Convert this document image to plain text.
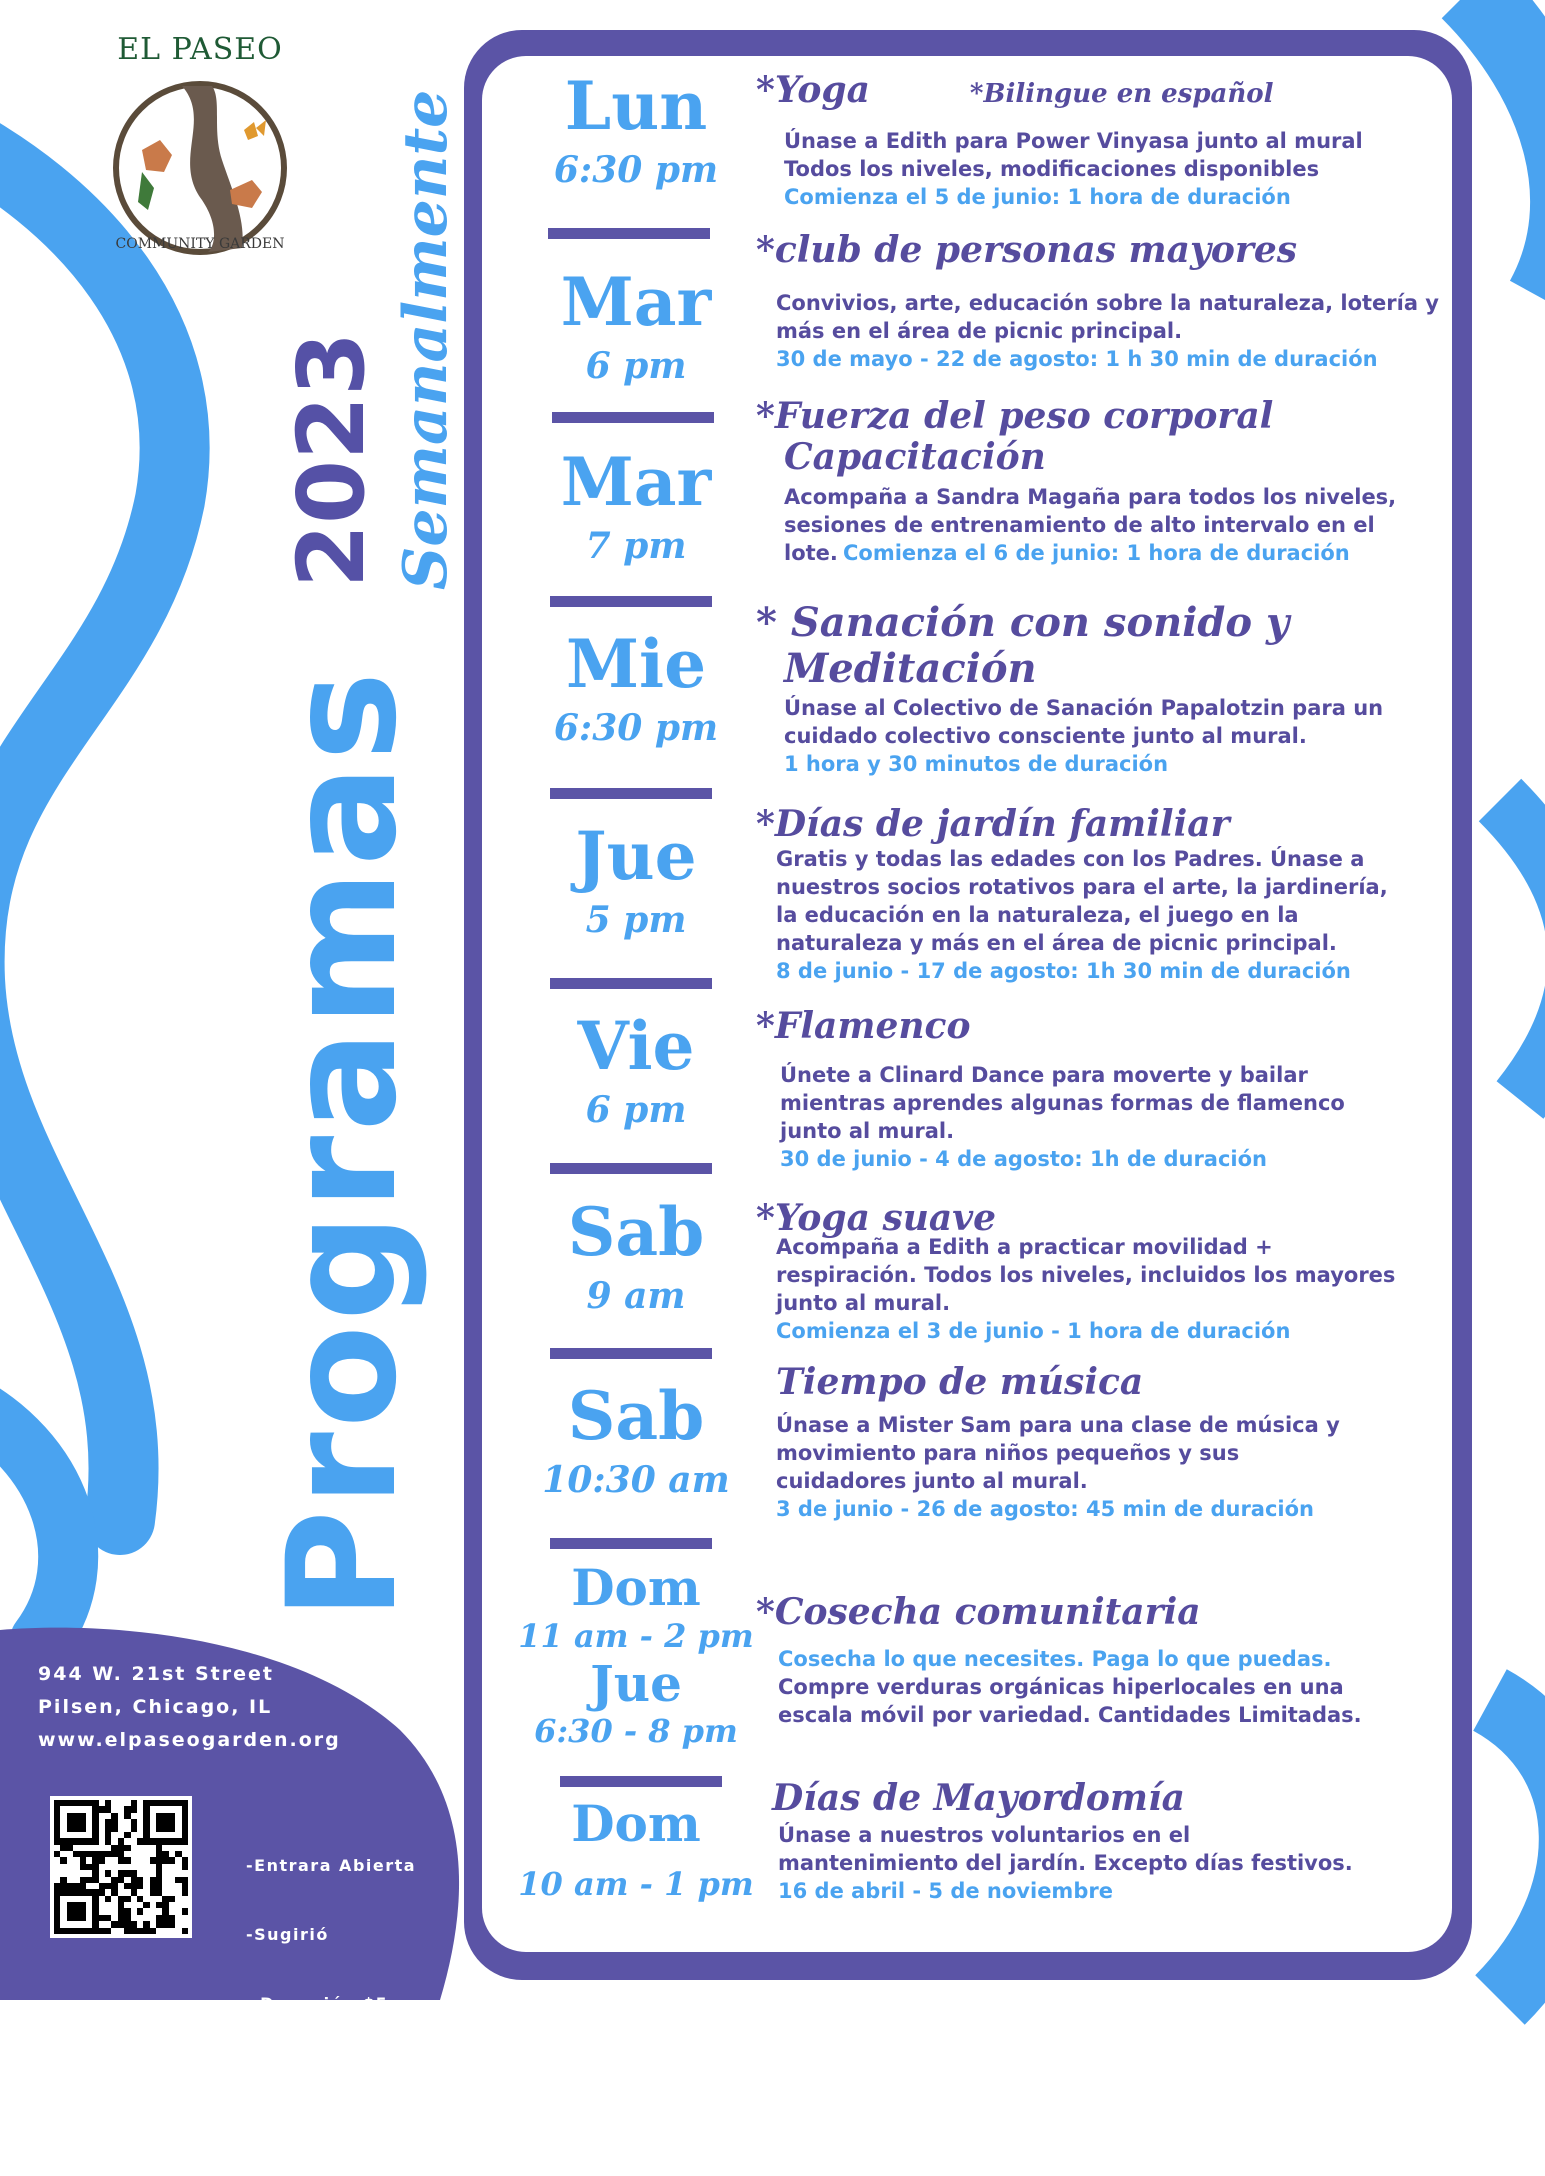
EL PASEO
COMMUNITY GARDEN
Programas
2023 Semanalmente
944 W. 21st Street
Pilsen, Chicago, IL
www.elpaseogarden.org

-Entrara Abierta

-Sugirió

Donación $5

-Clima

permisos

Lun
6:30 pm
Mar
6 pm
Mar
7 pm
Mie
6:30 pm
Jue
5 pm
Vie
6 pm
Sab
9 am
Sab
10:30 am
Dom
11 am - 2 pm
Jue
6:30 - 8 pm
Dom
10 am - 1 pm
*Yoga	*Bilingue en español
Únase a Edith para Power Vinyasa junto al mural
Todos los niveles, modificaciones disponibles
Comienza el 5 de junio: 1 hora de duración
*club de personas mayores
Convivios, arte, educación sobre la naturaleza, lotería y
más en el área de picnic principal.
30 de mayo - 22 de agosto: 1 h 30 min de duración
*Fuerza del peso corporal
Capacitación
Acompaña a Sandra Magaña para todos los niveles,
sesiones de entrenamiento de alto intervalo en el
lote. Comienza el 6 de junio: 1 hora de duración
* Sanación con sonido y
Meditación
Únase al Colectivo de Sanación Papalotzin para un
cuidado colectivo consciente junto al mural.
1 hora y 30 minutos de duración
*Días de jardín familiar
Gratis y todas las edades con los Padres. Únase a
nuestros socios rotativos para el arte, la jardinería,
la educación en la naturaleza, el juego en la
naturaleza y más en el área de picnic principal.
8 de junio - 17 de agosto: 1h 30 min de duración
*Flamenco
Únete a Clinard Dance para moverte y bailar
mientras aprendes algunas formas de flamenco
junto al mural.
30 de junio - 4 de agosto: 1h de duración
*Yoga suave
Acompaña a Edith a practicar movilidad +
respiración. Todos los niveles, incluidos los mayores
junto al mural.
Comienza el 3 de junio - 1 hora de duración
Tiempo de música
Únase a Mister Sam para una clase de música y
movimiento para niños pequeños y sus
cuidadores junto al mural.
3 de junio - 26 de agosto: 45 min de duración
*Cosecha comunitaria
Cosecha lo que necesites. Paga lo que puedas.
Compre verduras orgánicas hiperlocales en una
escala móvil por variedad. Cantidades Limitadas.
Días de Mayordomía
Únase a nuestros voluntarios en el
mantenimiento del jardín. Excepto días festivos.
16 de abril - 5 de noviembre
